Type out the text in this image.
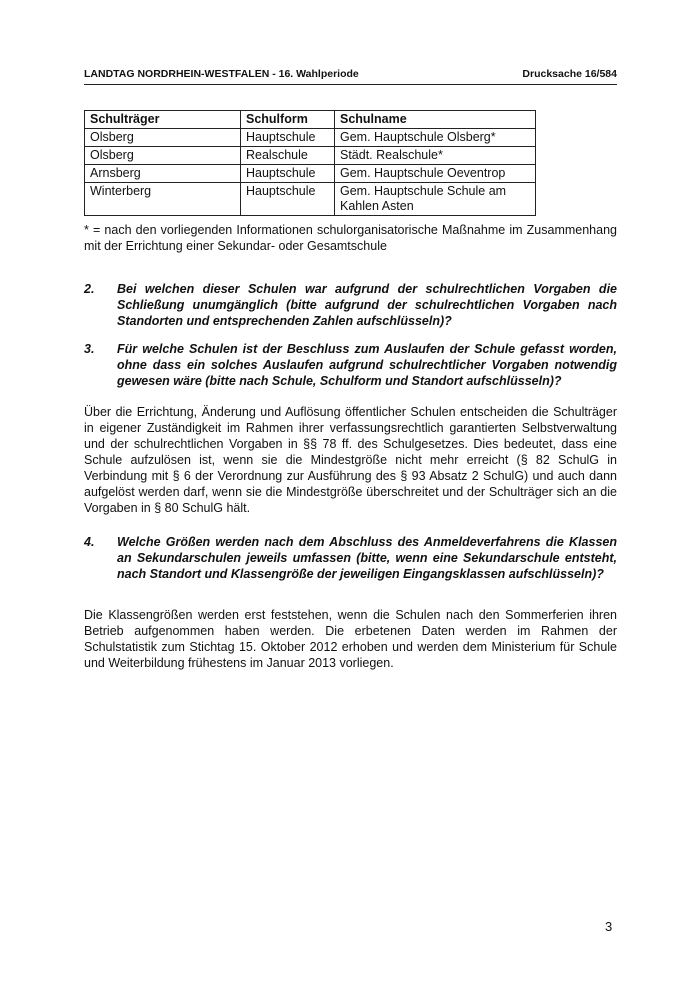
LANDTAG NORDRHEIN-WESTFALEN - 16. Wahlperiode	Drucksache 16/584
Schulträger	Schulform	Schulname
Olsberg	Hauptschule	Gem. Hauptschule Olsberg*
Olsberg	Realschule	Städt. Realschule*
Arnsberg	Hauptschule	Gem. Hauptschule Oeventrop
Winterberg	Hauptschule	Gem. Hauptschule Schule am Kahlen Asten
* = nach den vorliegenden Informationen schulorganisatorische Maßnahme im Zusammenhang mit der Errichtung einer Sekundar- oder Gesamtschule
2.	Bei welchen dieser Schulen war aufgrund der schulrechtlichen Vorgaben die Schließung unumgänglich (bitte aufgrund der schulrechtlichen Vorgaben nach Standorten und entsprechenden Zahlen aufschlüsseln)?
3.	Für welche Schulen ist der Beschluss zum Auslaufen der Schule gefasst worden, ohne dass ein solches Auslaufen aufgrund schulrechtlicher Vorgaben notwendig gewesen wäre (bitte nach Schule, Schulform und Standort aufschlüsseln)?
Über die Errichtung, Änderung und Auflösung öffentlicher Schulen entscheiden die Schulträger in eigener Zuständigkeit im Rahmen ihrer verfassungsrechtlich garantierten Selbstverwaltung und der schulrechtlichen Vorgaben in §§ 78 ff. des Schulgesetzes. Dies bedeutet, dass eine Schule aufzulösen ist, wenn sie die Mindestgröße nicht mehr erreicht (§ 82 SchulG in Verbindung mit § 6 der Verordnung zur Ausführung des § 93 Absatz 2 SchulG) und auch dann aufgelöst werden darf, wenn sie die Mindestgröße überschreitet und der Schulträger sich an die Vorgaben in § 80 SchulG hält.
4.	Welche Größen werden nach dem Abschluss des Anmeldeverfahrens die Klassen an Sekundarschulen jeweils umfassen (bitte, wenn eine Sekundarschule entsteht, nach Standort und Klassengröße der jeweiligen Eingangsklassen aufschlüsseln)?
Die Klassengrößen werden erst feststehen, wenn die Schulen nach den Sommerferien ihren Betrieb aufgenommen haben werden. Die erbetenen Daten werden im Rahmen der Schulstatistik zum Stichtag 15. Oktober 2012 erhoben und werden dem Ministerium für Schule und Weiterbildung frühestens im Januar 2013 vorliegen.
3
